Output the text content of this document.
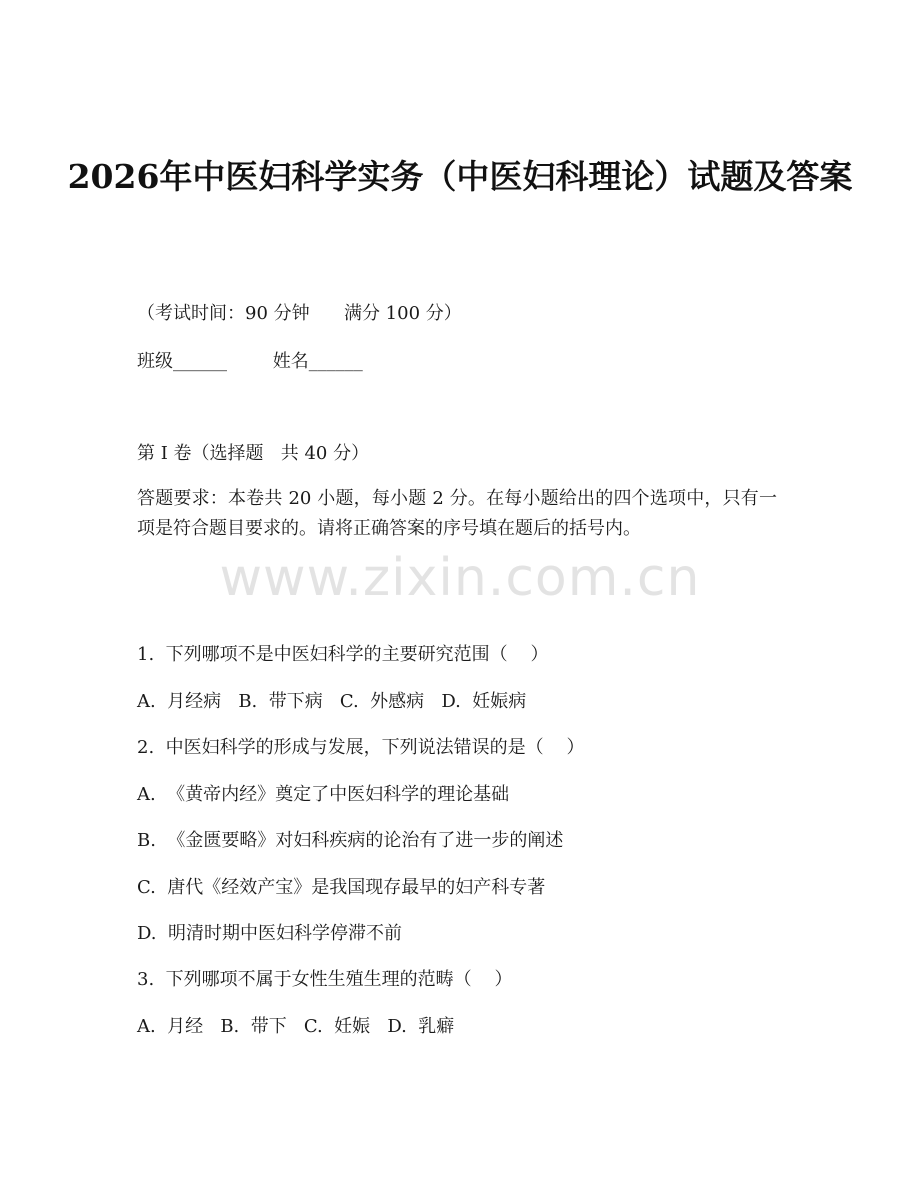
2026年中医妇科学实务（中医妇科理论）试题及答案

（考试时间：90 分钟      满分 100 分）

班级______        姓名______

第 I 卷（选择题   共 40 分）

答题要求：本卷共 20 小题，每小题 2 分。在每小题给出的四个选项中，只有一项是符合题目要求的。请将正确答案的序号填在题后的括号内。

www.zixin.com.cn

1.  下列哪项不是中医妇科学的主要研究范围（    ）

A.  月经病   B.  带下病   C.  外感病   D.  妊娠病

2.  中医妇科学的形成与发展，下列说法错误的是（    ）

A.  《黄帝内经》奠定了中医妇科学的理论基础

B.  《金匮要略》对妇科疾病的论治有了进一步的阐述

C.  唐代《经效产宝》是我国现存最早的妇产科专著

D.  明清时期中医妇科学停滞不前

3.  下列哪项不属于女性生殖生理的范畴（    ）

A.  月经   B.  带下   C.  妊娠   D.  乳癖
